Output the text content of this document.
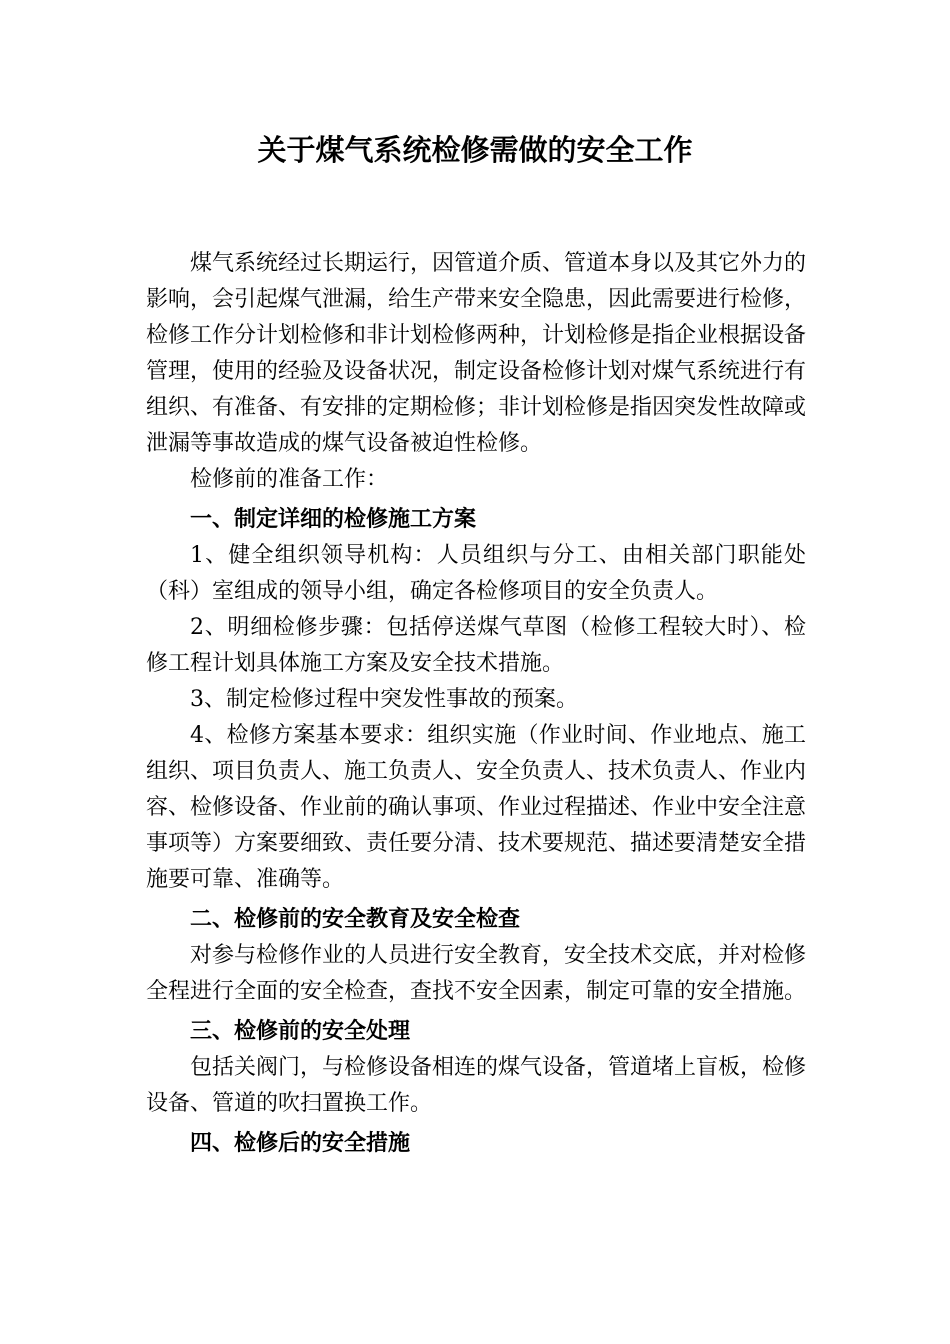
关于煤气系统检修需做的安全工作

煤气系统经过长期运行，因管道介质、管道本身以及其它外力的影响，会引起煤气泄漏，给生产带来安全隐患，因此需要进行检修，检修工作分计划检修和非计划检修两种，计划检修是指企业根据设备管理，使用的经验及设备状况，制定设备检修计划对煤气系统进行有组织、有准备、有安排的定期检修；非计划检修是指因突发性故障或泄漏等事故造成的煤气设备被迫性检修。

检修前的准备工作：

一、制定详细的检修施工方案

1、健全组织领导机构：人员组织与分工、由相关部门职能处（科）室组成的领导小组，确定各检修项目的安全负责人。

2、明细检修步骤：包括停送煤气草图（检修工程较大时）、检修工程计划具体施工方案及安全技术措施。

3、制定检修过程中突发性事故的预案。

4、检修方案基本要求：组织实施（作业时间、作业地点、施工组织、项目负责人、施工负责人、安全负责人、技术负责人、作业内容、检修设备、作业前的确认事项、作业过程描述、作业中安全注意事项等）方案要细致、责任要分清、技术要规范、描述要清楚安全措施要可靠、准确等。

二、检修前的安全教育及安全检查

对参与检修作业的人员进行安全教育，安全技术交底，并对检修全程进行全面的安全检查，查找不安全因素，制定可靠的安全措施。

三、检修前的安全处理

包括关阀门，与检修设备相连的煤气设备，管道堵上盲板，检修设备、管道的吹扫置换工作。

四、检修后的安全措施
